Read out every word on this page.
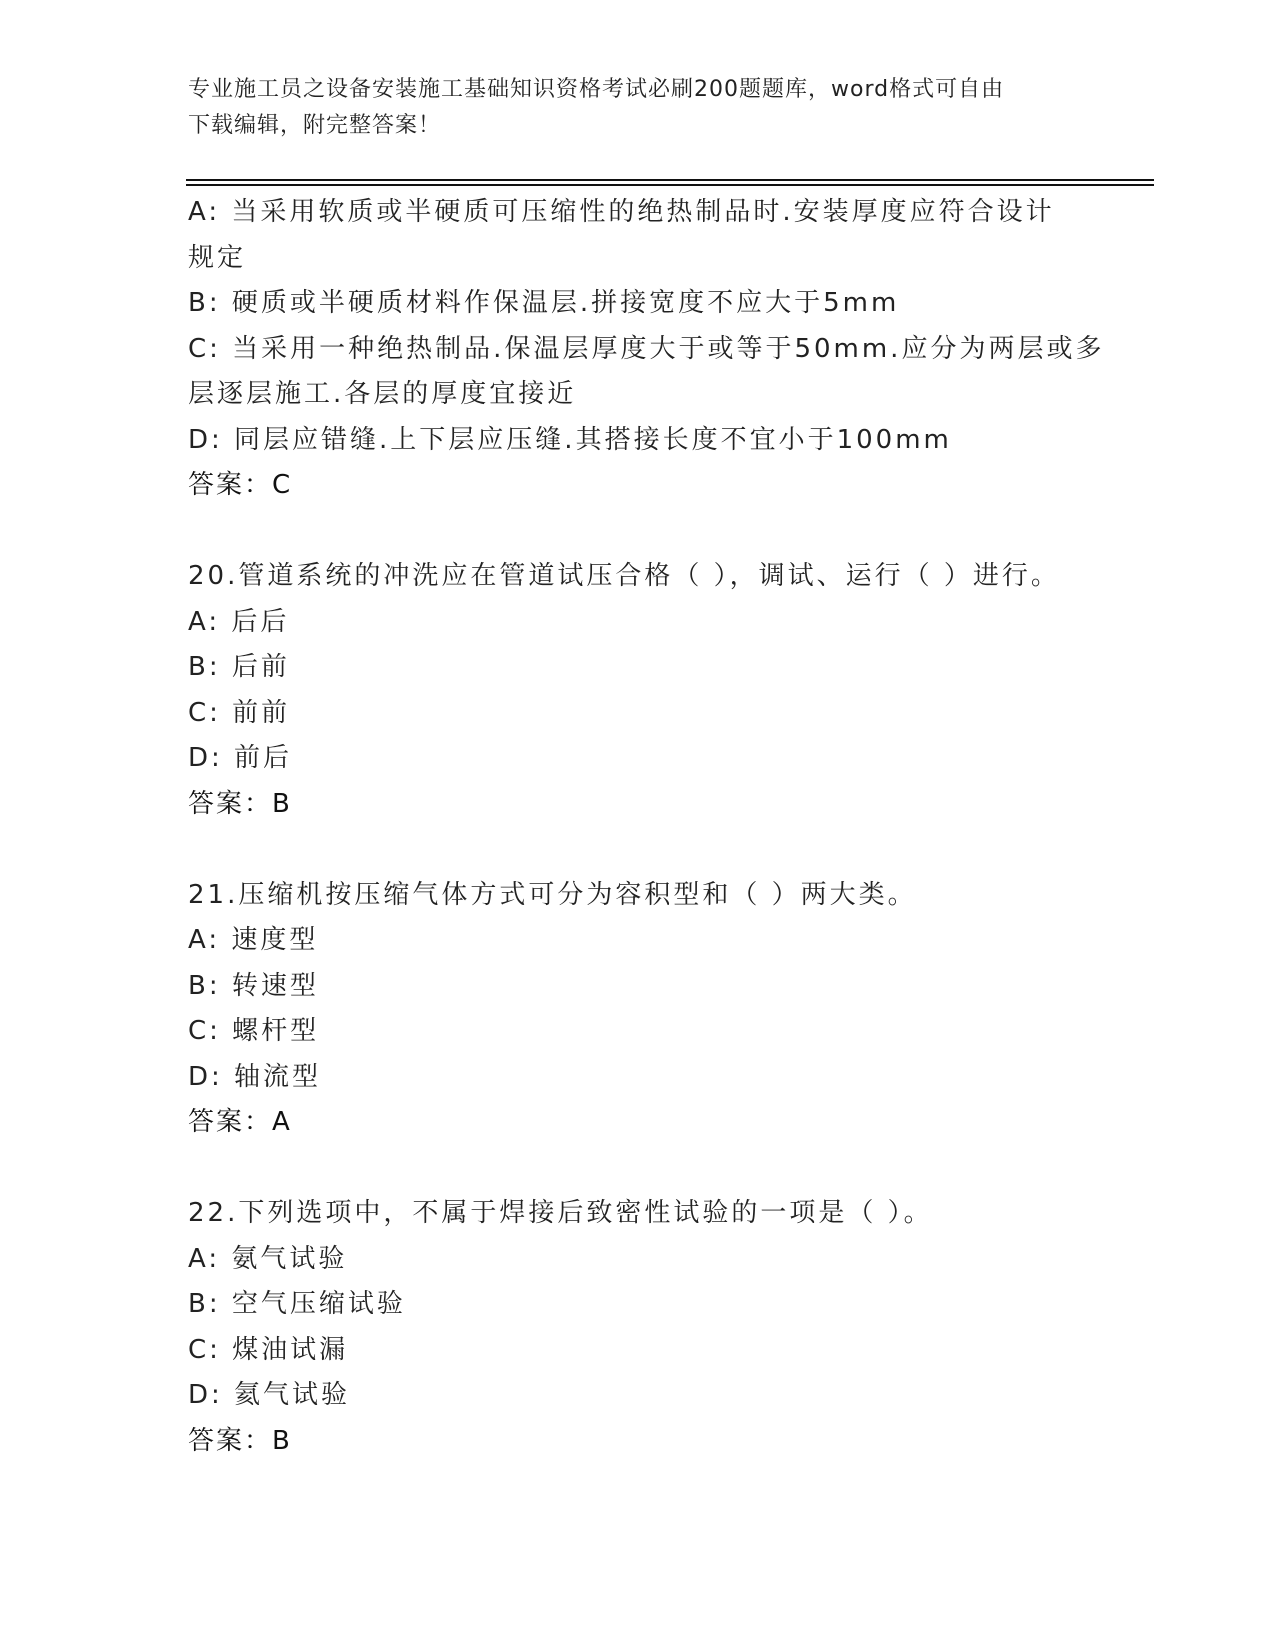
专业施工员之设备安装施工基础知识资格考试必刷200题题库，word格式可自由
下载编辑，附完整答案！
A: 当采用软质或半硬质可压缩性的绝热制品时.安装厚度应符合设计
规定
B: 硬质或半硬质材料作保温层.拼接宽度不应大于5mm
C: 当采用一种绝热制品.保温层厚度大于或等于50mm.应分为两层或多
层逐层施工.各层的厚度宜接近
D: 同层应错缝.上下层应压缝.其搭接长度不宜小于100mm
答案：C
20.管道系统的冲洗应在管道试压合格（ ），调试、运行（ ）进行。
A: 后后
B: 后前
C: 前前
D: 前后
答案：B
21.压缩机按压缩气体方式可分为容积型和（ ）两大类。
A: 速度型
B: 转速型
C: 螺杆型
D: 轴流型
答案：A
22.下列选项中，不属于焊接后致密性试验的一项是（ ）。
A: 氨气试验
B: 空气压缩试验
C: 煤油试漏
D: 氦气试验
答案：B
